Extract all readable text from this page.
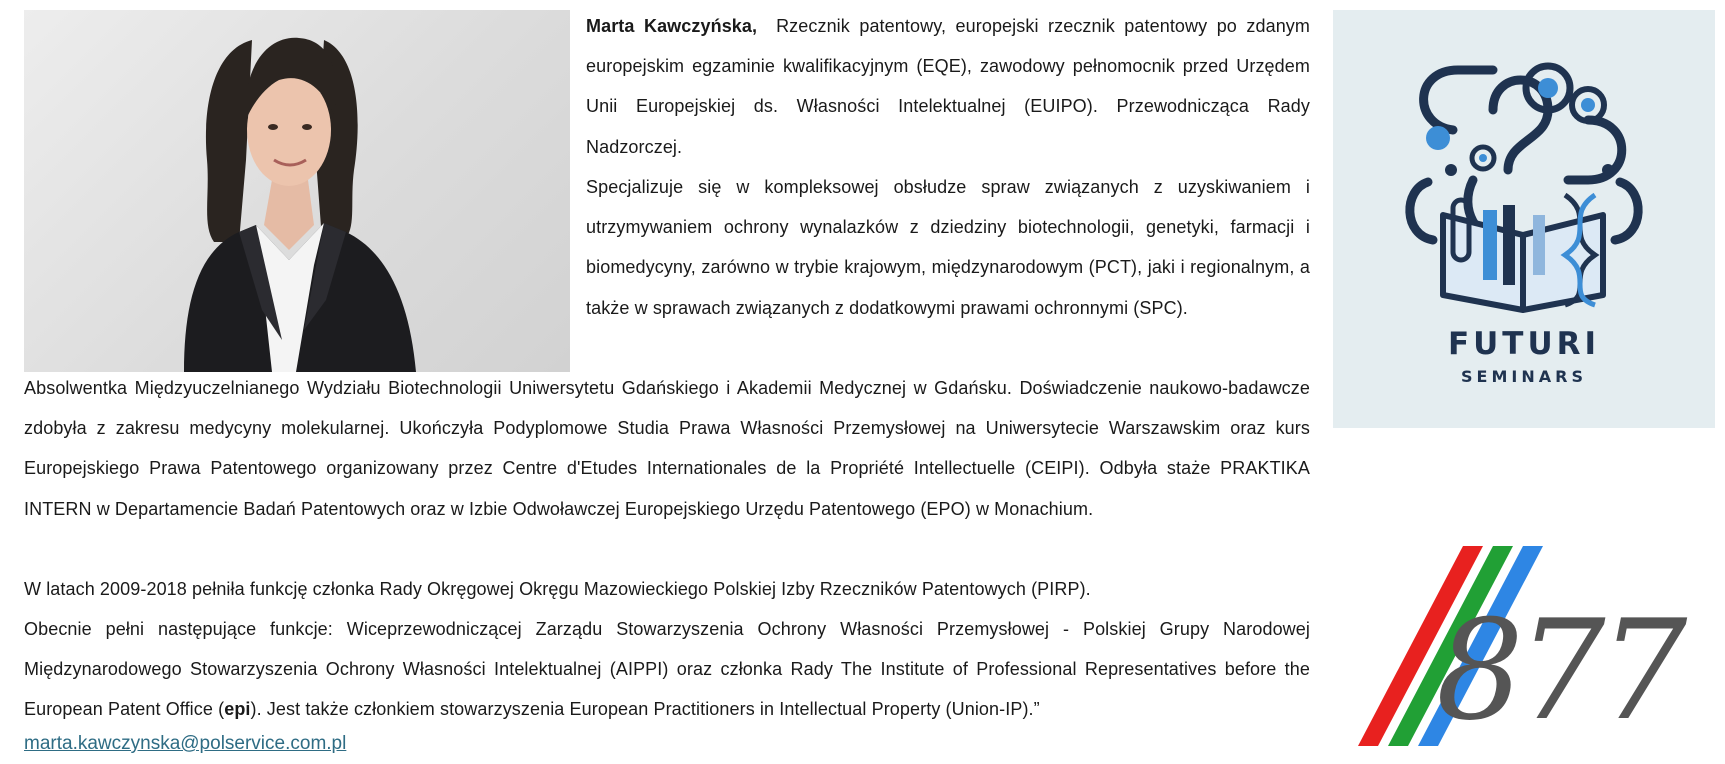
Marta Kawczyńska, Rzecznik patentowy, europejski rzecznik patentowy po zdanym europejskim egzaminie kwalifikacyjnym (EQE), zawodowy pełnomocnik przed Urzędem Unii Europejskiej ds. Własności Intelektualnej (EUIPO). Przewodnicząca Rady Nadzorczej.

Specjalizuje się w kompleksowej obsłudze spraw związanych z uzyskiwaniem i utrzymywaniem ochrony wynalazków z dziedziny biotechnologii, genetyki, farmacji i biomedycyny, zarówno w trybie krajowym, międzynarodowym (PCT), jaki i regionalnym, a także w sprawach związanych z dodatkowymi prawami ochronnymi (SPC).

Absolwentka Międzyuczelnianego Wydziału Biotechnologii Uniwersytetu Gdańskiego i Akademii Medycznej w Gdańsku. Doświadczenie naukowo-badawcze zdobyła z zakresu medycyny molekularnej. Ukończyła Podyplomowe Studia Prawa Własności Przemysłowej na Uniwersytecie Warszawskim oraz kurs Europejskiego Prawa Patentowego organizowany przez Centre d'Etudes Internationales de la Propriété Intellectuelle (CEIPI). Odbyła staże PRAKTIKA INTERN w Departamencie Badań Patentowych oraz w Izbie Odwoławczej Europejskiego Urzędu Patentowego (EPO) w Monachium.

W latach 2009-2018 pełniła funkcję członka Rady Okręgowej Okręgu Mazowieckiego Polskiej Izby Rzeczników Patentowych (PIRP).

Obecnie pełni następujące funkcje: Wiceprzewodniczącej Zarządu Stowarzyszenia Ochrony Własności Przemysłowej - Polskiej Grupy Narodowej Międzynarodowego Stowarzyszenia Ochrony Własności Intelektualnej (AIPPI) oraz członka Rady The Institute of Professional Representatives before the European Patent Office (epi). Jest także członkiem stowarzyszenia European Practitioners in Intellectual Property (Union-IP).”

marta.kawczynska@polservice.com.pl
FUTURI
SEMINARS
877
